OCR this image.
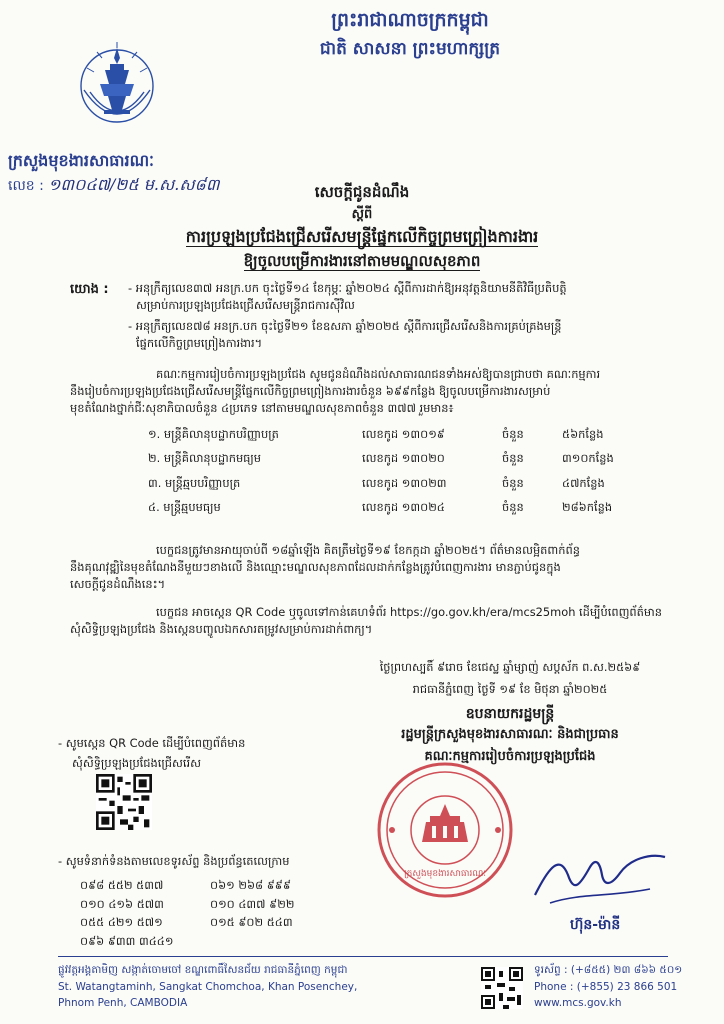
ព្រះរាជាណាចក្រកម្ពុជា
ជាតិ សាសនា ព្រះមហាក្សត្រ
ក្រសួងមុខងារសាធារណៈ
លេខ : ១៣០៤៧/២៥ ម.ស.ស៨៣	សេចក្ដីជូនដំណឹង
ស្ដីពី
ការប្រឡងប្រជែងជ្រើសរើសមន្ត្រីផ្នែកលើកិច្ចព្រមព្រៀងការងារ
ឱ្យចូលបម្រើការងារនៅតាមមណ្ឌលសុខភាព
យោង : - អនុក្រឹត្យលេខ៣៧ អនក្រ.បក ចុះថ្ងៃទី១៤ ខែកុម្ភៈ ឆ្នាំ២០២៤ ស្ដីពីការដាក់ឱ្យអនុវត្តនិយាមនីតិវិធីប្រតិបត្តិ
សម្រាប់ការប្រឡងប្រជែងជ្រើសរើសមន្ត្រីរាជការស៊ីវិល
- អនុក្រឹត្យលេខ៧៨ អនក្រ.បក ចុះថ្ងៃទី២១ ខែឧសភា ឆ្នាំ២០២៥ ស្ដីពីការជ្រើសរើសនិងការគ្រប់គ្រងមន្ត្រី
ផ្នែកលើកិច្ចព្រមព្រៀងការងារ។
គណៈកម្មការរៀបចំការប្រឡងប្រជែង សូមជូនដំណឹងដល់សាធារណជនទាំងអស់ឱ្យបានជ្រាបថា គណៈកម្មការ
នឹងរៀបចំការប្រឡងប្រជែងជ្រើសរើសមន្ត្រីផ្នែកលើកិច្ចព្រមព្រៀងការងារចំនួន ៦៩៩កន្លែង ឱ្យចូលបម្រើការងារសម្រាប់
មុខតំណែងថ្នាក់ជីៈសុខាភិបាលចំនួន ៤ប្រភេទ នៅតាមមណ្ឌលសុខភាពចំនួន ៣៧៧ រួមមាន៖
១. មន្ត្រីគិលានុបដ្ឋាកបរិញ្ញាបត្រ	លេខកូដ ១៣០១៩	ចំនួន	៥៦កន្លែង
២. មន្ត្រីគិលានុបដ្ឋាកមធ្យម	លេខកូដ ១៣០២០	ចំនួន	៣១០កន្លែង
៣. មន្ត្រីឆ្មបបរិញ្ញាបត្រ	លេខកូដ ១៣០២៣	ចំនួន	៤៧កន្លែង
៤. មន្ត្រីឆ្មបមធ្យម	លេខកូដ ១៣០២៤	ចំនួន	២៨៦កន្លែង
បេក្ខជនត្រូវមានអាយុចាប់ពី ១៨ឆ្នាំឡើង គិតត្រឹមថ្ងៃទី១៩ ខែកក្កដា ឆ្នាំ២០២៥។ ព័ត៌មានលម្អិតពាក់ព័ន្ធ
នឹងគុណវុឌ្ឍិនៃមុខតំណែងនីមួយៗខាងលើ និងឈ្មោះមណ្ឌលសុខភាពដែលដាក់កន្លែងត្រូវបំពេញការងារ មានភ្ជាប់ជូនក្នុង
សេចក្ដីជូនដំណឹងនេះ។
បេក្ខជន អាចស្កេន QR Code ឬចូលទៅកាន់គេហទំព័រ https://go.gov.kh/era/mcs25moh ដើម្បីបំពេញព័ត៌មាន
សុំសិទ្ធិប្រឡងប្រជែង និងស្កេនបញ្ចូលឯកសារតម្រូវសម្រាប់ការដាក់ពាក្យ។
ថ្ងៃព្រហស្បតិ៍ ៩រោច ខែជេស្ឋ ឆ្នាំម្សាញ់ សប្តស័ក ព.ស.២៥៦៩
រាជធានីភ្នំពេញ ថ្ងៃទី ១៩ ខែ មិថុនា ឆ្នាំ២០២៥
ឧបនាយករដ្ឋមន្ត្រី
រដ្ឋមន្ត្រីក្រសួងមុខងារសាធារណៈ និងជាប្រធាន
គណៈកម្មការរៀបចំការប្រឡងប្រជែង
ក្រសួងមុខងារសាធារណៈ
ហ៊ុន-ម៉ានី
- សូមស្កេន QR Code ដើម្បីបំពេញព័ត៌មាន
សុំសិទ្ធិប្រឡងប្រជែងជ្រើសរើស
- សូមទំនាក់ទំនងតាមលេខទូរស័ព្ទ និងប្រព័ន្ធតេលេក្រាម
០៩៨ ៥៥២ ៥៣៧	០៦១ ២៦៨ ៩៩៩
០១០ ៤១៦ ៥៧៣	០១០ ៤៣៧ ៩២២
០៥៥ ៤២១ ៥៧១	០១៥ ៩០២ ៥៤៣
០៩៦ ៩៣៣ ៣៤៤១
ផ្លូវវត្តអង្គតាមិញ សង្កាត់ចោមចៅ ខណ្ឌពោធិ៍សែនជ័យ រាជធានីភ្នំពេញ កម្ពុជា
St. Watangtaminh, Sangkat Chomchoa, Khan Posenchey,
Phnom Penh, CAMBODIA
ទូរស័ព្ទ : (+៨៥៥) ២៣ ៨៦៦ ៥០១
Phone : (+855) 23 866 501
www.mcs.gov.kh
